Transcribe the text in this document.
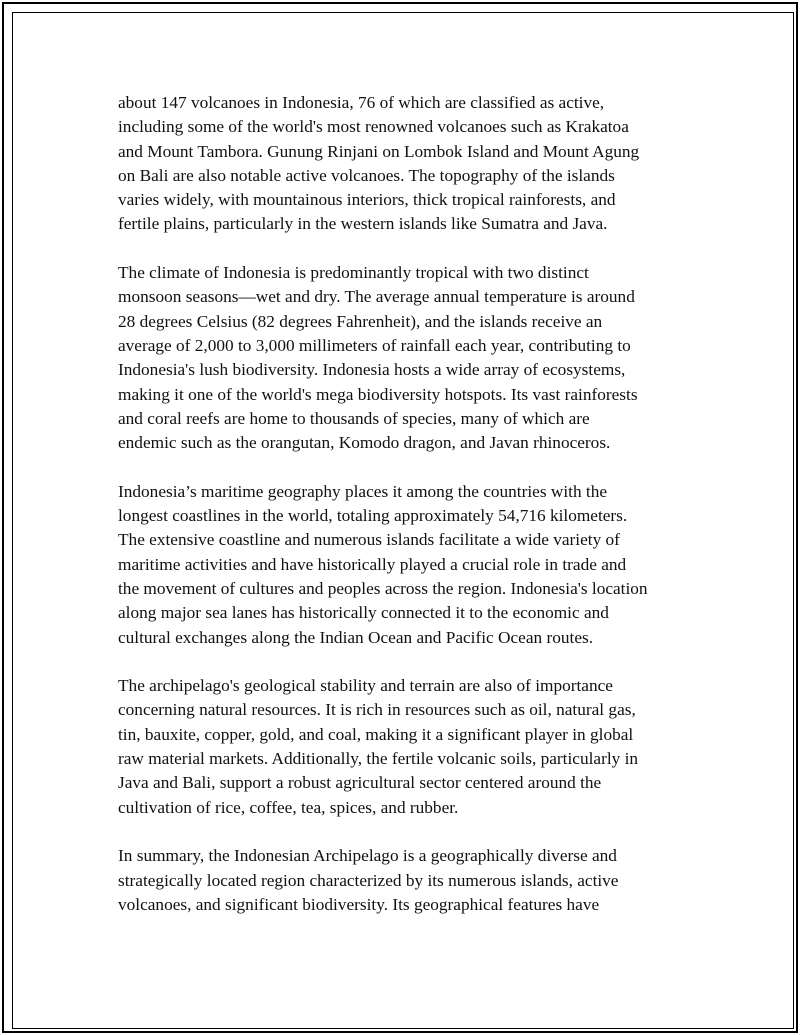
about 147 volcanoes in Indonesia, 76 of which are classified as active,
including some of the world's most renowned volcanoes such as Krakatoa
and Mount Tambora. Gunung Rinjani on Lombok Island and Mount Agung
on Bali are also notable active volcanoes. The topography of the islands
varies widely, with mountainous interiors, thick tropical rainforests, and
fertile plains, particularly in the western islands like Sumatra and Java.

The climate of Indonesia is predominantly tropical with two distinct
monsoon seasons—wet and dry. The average annual temperature is around
28 degrees Celsius (82 degrees Fahrenheit), and the islands receive an
average of 2,000 to 3,000 millimeters of rainfall each year, contributing to
Indonesia's lush biodiversity. Indonesia hosts a wide array of ecosystems,
making it one of the world's mega biodiversity hotspots. Its vast rainforests
and coral reefs are home to thousands of species, many of which are
endemic such as the orangutan, Komodo dragon, and Javan rhinoceros.

Indonesia’s maritime geography places it among the countries with the
longest coastlines in the world, totaling approximately 54,716 kilometers.
The extensive coastline and numerous islands facilitate a wide variety of
maritime activities and have historically played a crucial role in trade and
the movement of cultures and peoples across the region. Indonesia's location
along major sea lanes has historically connected it to the economic and
cultural exchanges along the Indian Ocean and Pacific Ocean routes.

The archipelago's geological stability and terrain are also of importance
concerning natural resources. It is rich in resources such as oil, natural gas,
tin, bauxite, copper, gold, and coal, making it a significant player in global
raw material markets. Additionally, the fertile volcanic soils, particularly in
Java and Bali, support a robust agricultural sector centered around the
cultivation of rice, coffee, tea, spices, and rubber.

In summary, the Indonesian Archipelago is a geographically diverse and
strategically located region characterized by its numerous islands, active
volcanoes, and significant biodiversity. Its geographical features have
